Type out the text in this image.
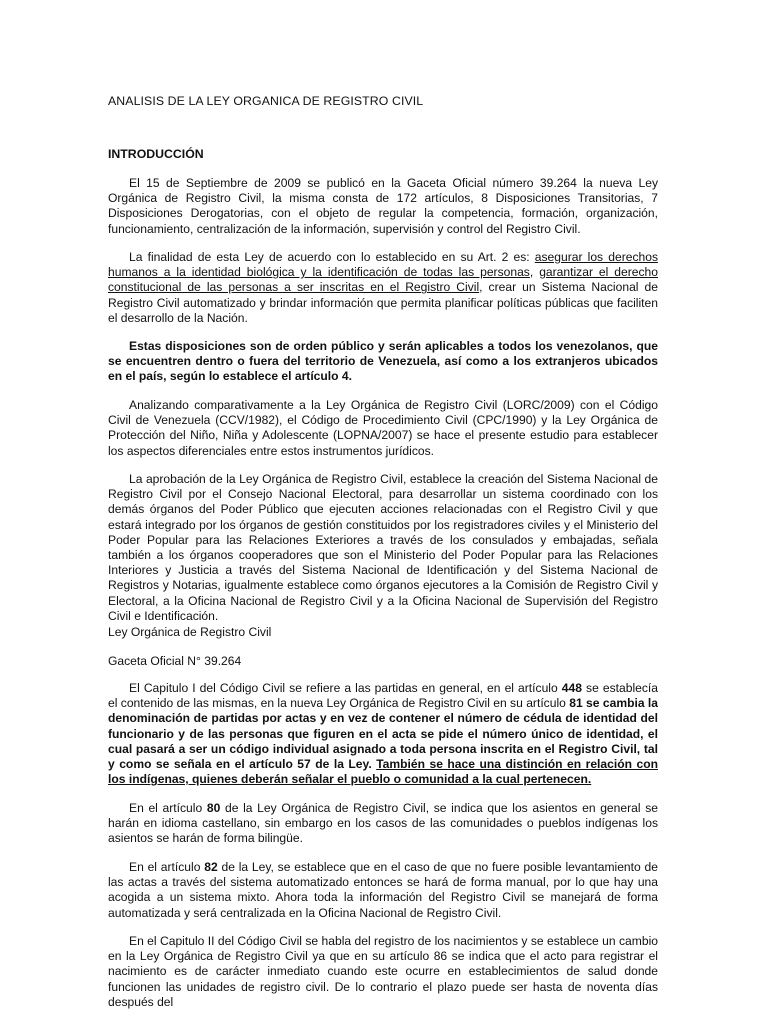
ANALISIS DE LA LEY ORGANICA DE REGISTRO CIVIL
INTRODUCCIÓN

El 15 de Septiembre de 2009 se publicó en la Gaceta Oficial número 39.264 la nueva Ley Orgánica de Registro Civil, la misma consta de 172 artículos, 8 Disposiciones Transitorias, 7 Disposiciones Derogatorias, con el objeto de regular la competencia, formación, organización, funcionamiento, centralización de la información, supervisión y control del Registro Civil.

La finalidad de esta Ley de acuerdo con lo establecido en su Art. 2 es: asegurar los derechos humanos a la identidad biológica y la identificación de todas las personas, garantizar el derecho constitucional de las personas a ser inscritas en el Registro Civil, crear un Sistema Nacional de Registro Civil automatizado y brindar información que permita planificar políticas públicas que faciliten el desarrollo de la Nación.

Estas disposiciones son de orden público y serán aplicables a todos los venezolanos, que se encuentren dentro o fuera del territorio de Venezuela, así como a los extranjeros ubicados en el país, según lo establece el artículo 4.

Analizando comparativamente a la Ley Orgánica de Registro Civil (LORC/2009) con el Código Civil de Venezuela (CCV/1982), el Código de Procedimiento Civil (CPC/1990) y la Ley Orgánica de Protección del Niño, Niña y Adolescente (LOPNA/2007) se hace el presente estudio para establecer los aspectos diferenciales entre estos instrumentos jurídicos.

La aprobación de la Ley Orgánica de Registro Civil, establece la creación del Sistema Nacional de Registro Civil por el Consejo Nacional Electoral, para desarrollar un sistema coordinado con los demás órganos del Poder Público que ejecuten acciones relacionadas con el Registro Civil y que estará integrado por los órganos de gestión constituidos por los registradores civiles y el Ministerio del Poder Popular para las Relaciones Exteriores a través de los consulados y embajadas, señala también a los órganos cooperadores que son el Ministerio del Poder Popular para las Relaciones Interiores y Justicia a través del Sistema Nacional de Identificación y del Sistema Nacional de Registros y Notarias, igualmente establece como órganos ejecutores a la Comisión de Registro Civil y Electoral, a la Oficina Nacional de Registro Civil y a la Oficina Nacional de Supervisión del Registro Civil e Identificación.

Ley Orgánica de Registro Civil

Gaceta Oficial N° 39.264

El Capitulo I del Código Civil se refiere a las partidas en general, en el artículo 448 se establecía el contenido de las mismas, en la nueva Ley Orgánica de Registro Civil en su artículo 81 se cambia la denominación de partidas por actas y en vez de contener el número de cédula de identidad del funcionario y de las personas que figuren en el acta se pide el número único de identidad, el cual pasará a ser un código individual asignado a toda persona inscrita en el Registro Civil, tal y como se señala en el artículo 57 de la Ley. También se hace una distinción en relación con los indígenas, quienes deberán señalar el pueblo o comunidad a la cual pertenecen.

En el artículo 80 de la Ley Orgánica de Registro Civil, se indica que los asientos en general se harán en idioma castellano, sin embargo en los casos de las comunidades o pueblos indígenas los asientos se harán de forma bilingüe.

En el artículo 82 de la Ley, se establece que en el caso de que no fuere posible levantamiento de las actas a través del sistema automatizado entonces se hará de forma manual, por lo que hay una acogida a un sistema mixto. Ahora toda la información del Registro Civil se manejará de forma automatizada y será centralizada en la Oficina Nacional de Registro Civil.

En el Capitulo II del Código Civil se habla del registro de los nacimientos y se establece un cambio en la Ley Orgánica de Registro Civil ya que en su artículo 86 se indica que el acto para registrar el nacimiento es de carácter inmediato cuando este ocurre en establecimientos de salud donde funcionen las unidades de registro civil. De lo contrario el plazo puede ser hasta de noventa días después del
